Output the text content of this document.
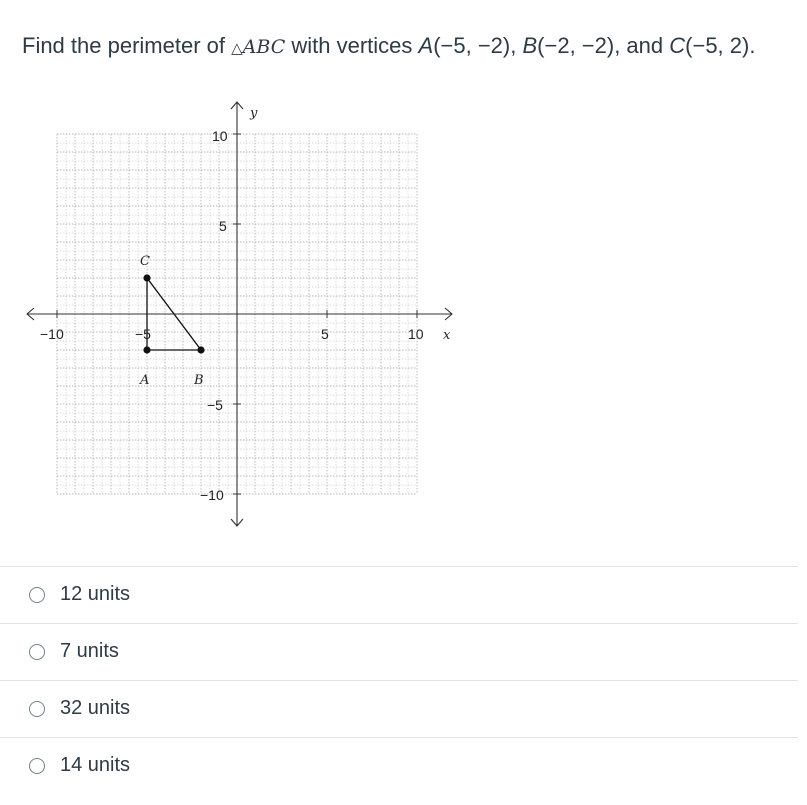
Find the perimeter of △ABC with vertices A(−5, −2), B(−2, −2), and C(−5, 2).
−10	−5	5	10 x
10
5
−5
−10
y
A	B
C
12 units
7 units
32 units
14 units
